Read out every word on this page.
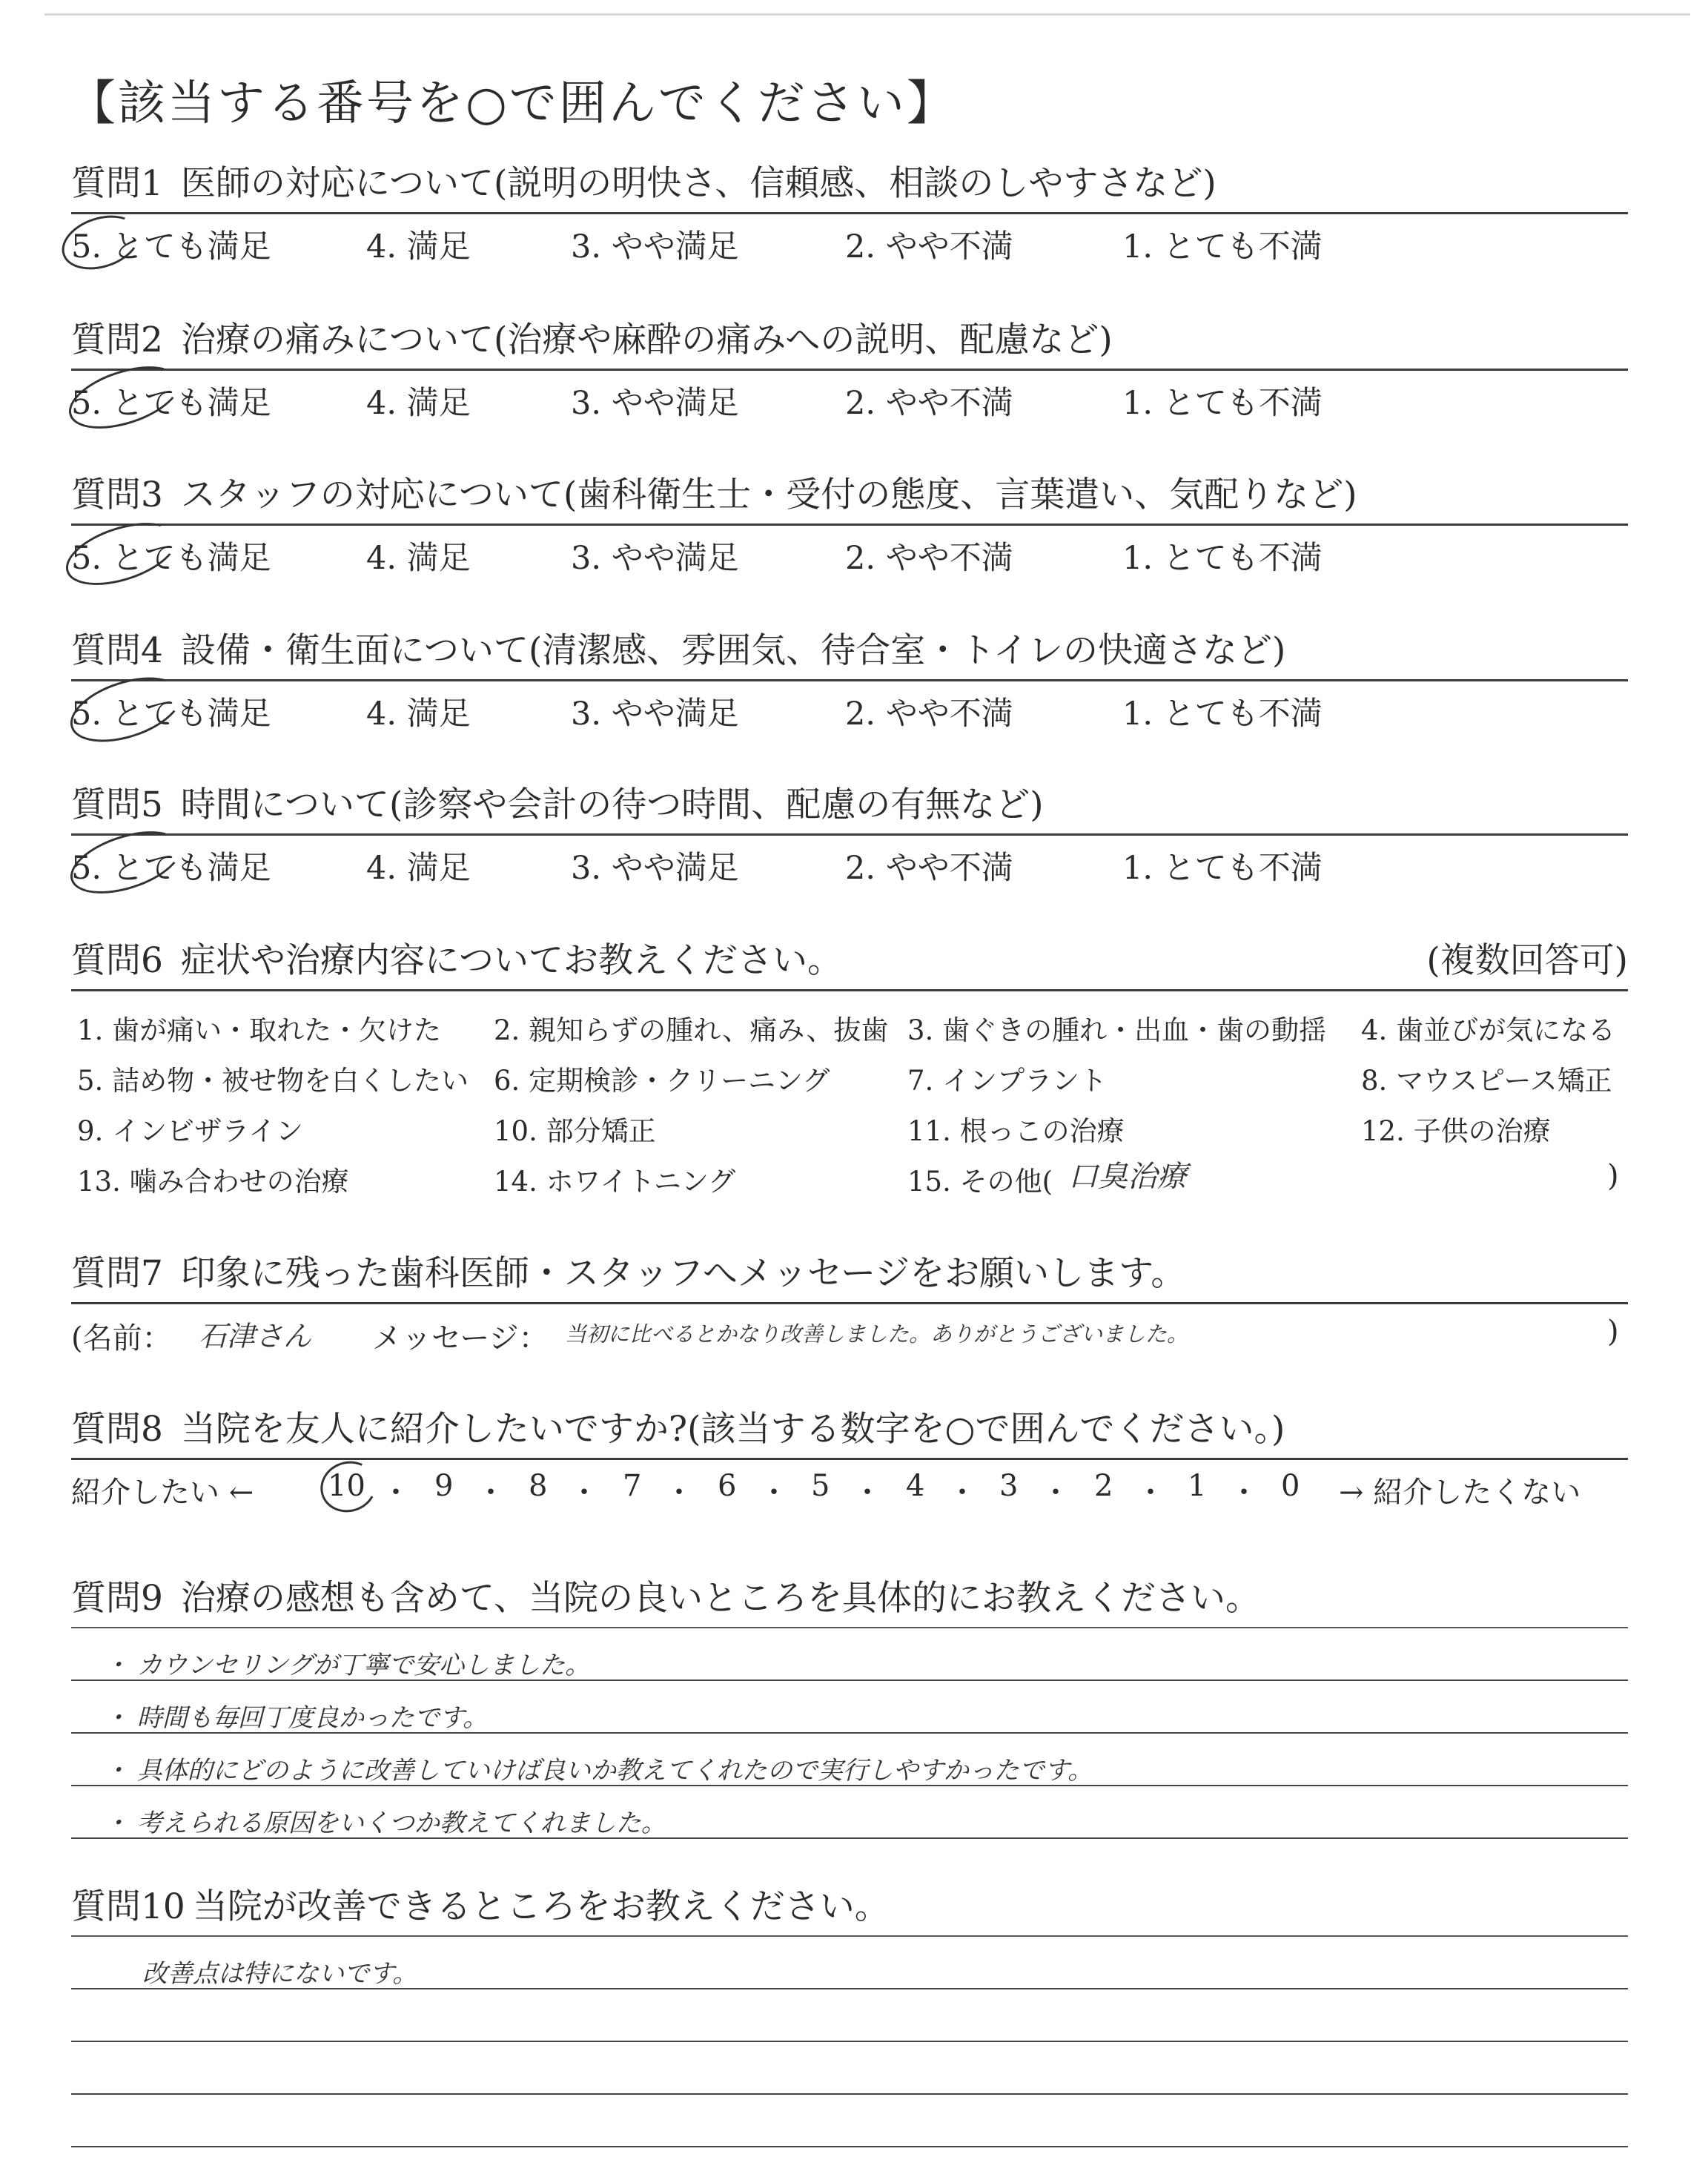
【該当する番号を○で囲んでください】
質問1 医師の対応について(説明の明快さ、信頼感、相談のしやすさなど)
5. とても満足	4. 満足	3. やや満足	2. やや不満	1. とても不満
質問2 治療の痛みについて(治療や麻酔の痛みへの説明、配慮など)
5. とても満足	4. 満足	3. やや満足	2. やや不満	1. とても不満
質問3 スタッフの対応について(歯科衛生士・受付の態度、言葉遣い、気配りなど)
5. とても満足	4. 満足	3. やや満足	2. やや不満	1. とても不満
質問4 設備・衛生面について(清潔感、雰囲気、待合室・トイレの快適さなど)
5. とても満足	4. 満足	3. やや満足	2. やや不満	1. とても不満
質問5 時間について(診察や会計の待つ時間、配慮の有無など)
5. とても満足	4. 満足	3. やや満足	2. やや不満	1. とても不満
質問6 症状や治療内容についてお教えください。	(複数回答可)
1. 歯が痛い・取れた・欠けた 2. 親知らずの腫れ、痛み、抜歯 3. 歯ぐきの腫れ・出血・歯の動揺 4. 歯並びが気になる
5. 詰め物・被せ物を白くしたい 6. 定期検診・クリーニング	7. インプラント	8. マウスピース矯正
9. インビザライン	10. 部分矯正	11. 根っこの治療	12. 子供の治療
13. 噛み合わせの治療	14. ホワイトニング	15. その他( 口臭治療	)
質問7 印象に残った歯科医師・スタッフへメッセージをお願いします。
(名前： 石津さん メッセージ： 当初に比べるとかなり改善しました。ありがとうございました。	)
質問8 当院を友人に紹介したいですか?(該当する数字を○で囲んでください。)
紹介したい ← 10 ・ 9 ・ 8 ・ 7 ・ 6 ・ 5 ・ 4 ・ 3 ・ 2 ・ 1 ・ 0 → 紹介したくない
質問9 治療の感想も含めて、当院の良いところを具体的にお教えください。
・ カウンセリングが丁寧で安心しました。
・ 時間も毎回丁度良かったです。
・ 具体的にどのように改善していけば良いか教えてくれたので実行しやすかったです。
・ 考えられる原因をいくつか教えてくれました。
質問10 当院が改善できるところをお教えください。
改善点は特にないです。
